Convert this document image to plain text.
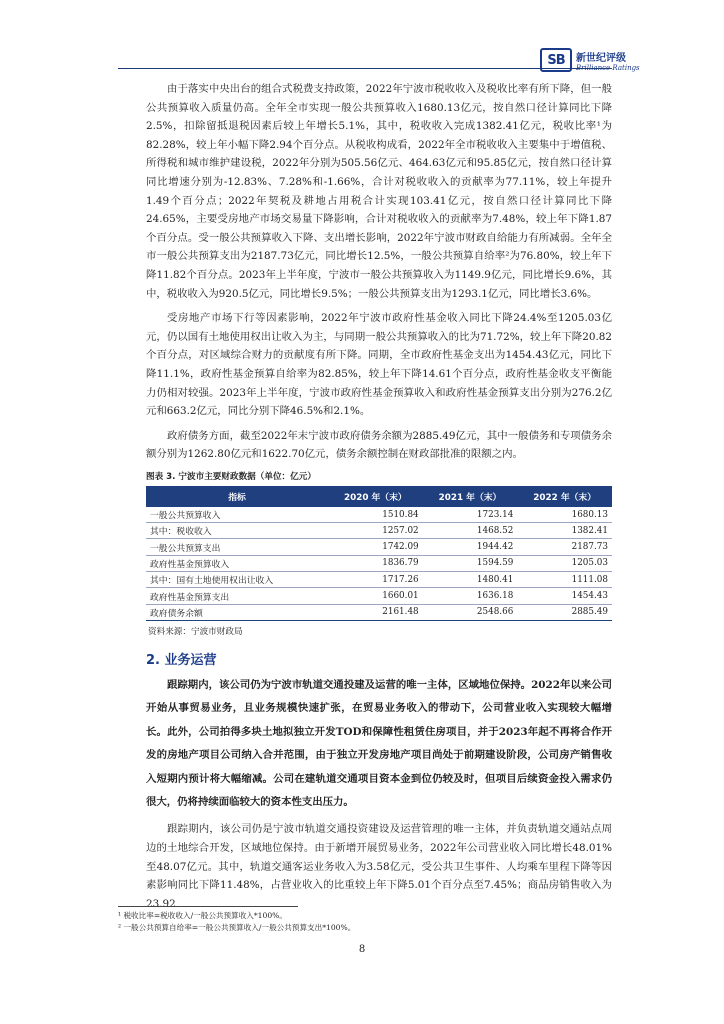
SB	新世纪评级
Brilliance Ratings

由于落实中央出台的组合式税费支持政策，2022年宁波市税收收入及税收比率有所下降，但一般公共预算收入质量仍高。全年全市实现一般公共预算收入1680.13亿元，按自然口径计算同比下降2.5%，扣除留抵退税因素后较上年增长5.1%，其中，税收收入完成1382.41亿元，税收比率¹为82.28%，较上年小幅下降2.94个百分点。从税收构成看，2022年全市税收收入主要集中于增值税、所得税和城市维护建设税，2022年分别为505.56亿元、464.63亿元和95.85亿元，按自然口径计算同比增速分别为-12.83%、7.28%和-1.66%，合计对税收收入的贡献率为77.11%，较上年提升1.49个百分点；2022年契税及耕地占用税合计实现103.41亿元，按自然口径计算同比下降24.65%，主要受房地产市场交易量下降影响，合计对税收收入的贡献率为7.48%，较上年下降1.87个百分点。受一般公共预算收入下降、支出增长影响，2022年宁波市财政自给能力有所减弱。全年全市一般公共预算支出为2187.73亿元，同比增长12.5%，一般公共预算自给率²为76.80%，较上年下降11.82个百分点。2023年上半年度，宁波市一般公共预算收入为1149.9亿元，同比增长9.6%，其中，税收收入为920.5亿元，同比增长9.5%；一般公共预算支出为1293.1亿元，同比增长3.6%。

受房地产市场下行等因素影响，2022年宁波市政府性基金收入同比下降24.4%至1205.03亿元，仍以国有土地使用权出让收入为主，与同期一般公共预算收入的比为71.72%，较上年下降20.82个百分点，对区域综合财力的贡献度有所下降。同期，全市政府性基金支出为1454.43亿元，同比下降11.1%，政府性基金预算自给率为82.85%，较上年下降14.61个百分点，政府性基金收支平衡能力仍相对较强。2023年上半年度，宁波市政府性基金预算收入和政府性基金预算支出分别为276.2亿元和663.2亿元，同比分别下降46.5%和2.1%。

政府债务方面，截至2022年末宁波市政府债务余额为2885.49亿元，其中一般债务和专项债务余额分别为1262.80亿元和1622.70亿元，债务余额控制在财政部批准的限额之内。

图表 3. 宁波市主要财政数据（单位：亿元）
指标	2020 年（末）	2021 年（末）	2022 年（末）
一般公共预算收入	1510.84	1723.14	1680.13
其中：税收收入	1257.02	1468.52	1382.41
一般公共预算支出	1742.09	1944.42	2187.73
政府性基金预算收入	1836.79	1594.59	1205.03
其中：国有土地使用权出让收入	1717.26	1480.41	1111.08
政府性基金预算支出	1660.01	1636.18	1454.43
政府债务余额	2161.48	2548.66	2885.49
资料来源：宁波市财政局
2. 业务运营

跟踪期内，该公司仍为宁波市轨道交通投建及运营的唯一主体，区域地位保持。2022年以来公司开始从事贸易业务，且业务规模快速扩张，在贸易业务收入的带动下，公司营业收入实现较大幅增长。此外，公司拍得多块土地拟独立开发TOD和保障性租赁住房项目，并于2023年起不再将合作开发的房地产项目公司纳入合并范围，由于独立开发房地产项目尚处于前期建设阶段，公司房产销售收入短期内预计将大幅缩减。公司在建轨道交通项目资本金到位仍较及时，但项目后续资金投入需求仍很大，仍将持续面临较大的资本性支出压力。

跟踪期内，该公司仍是宁波市轨道交通投资建设及运营管理的唯一主体，并负责轨道交通站点周边的土地综合开发，区域地位保持。由于新增开展贸易业务，2022年公司营业收入同比增长48.01%至48.07亿元。其中，轨道交通客运业务收入为3.58亿元，受公共卫生事件、人均乘车里程下降等因素影响同比下降11.48%，占营业收入的比重较上年下降5.01个百分点至7.45%；商品房销售收入为23.92

¹ 税收比率=税收收入/一般公共预算收入*100%。
² 一般公共预算自给率=一般公共预算收入/一般公共预算支出*100%。
8
